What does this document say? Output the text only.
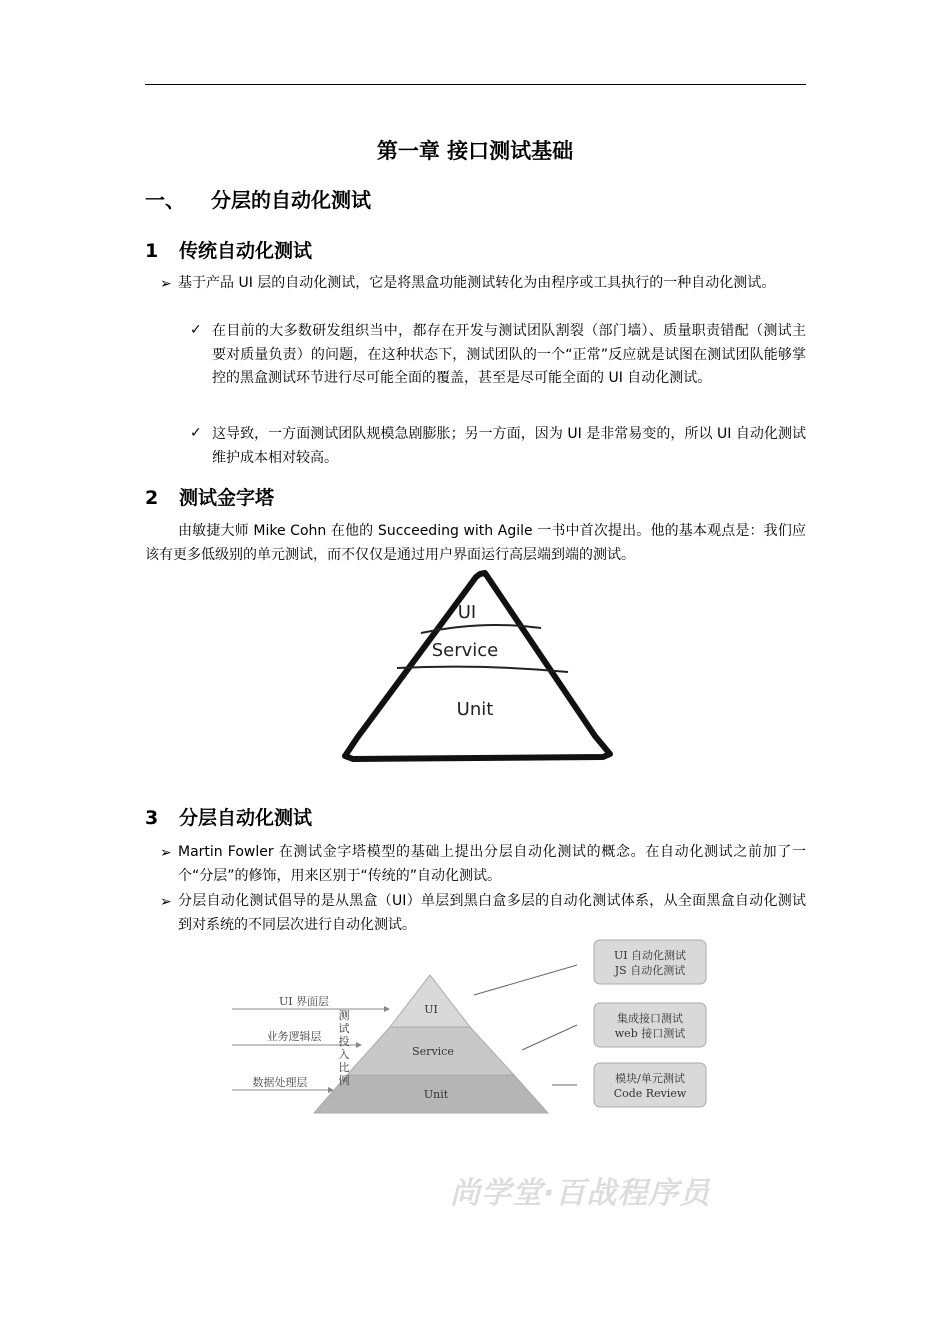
第一章 接口测试基础
一、 分层的自动化测试
1 传统自动化测试
➢ 基于产品 UI 层的自动化测试，它是将黑盒功能测试转化为由程序或工具执行的一种自动化测试。
✓ 在目前的大多数研发组织当中，都存在开发与测试团队割裂（部门墙）、质量职责错配（测试主要对质量负责）的问题，在这种状态下，测试团队的一个“正常”反应就是试图在测试团队能够掌控的黑盒测试环节进行尽可能全面的覆盖，甚至是尽可能全面的 UI 自动化测试。
✓ 这导致，一方面测试团队规模急剧膨胀；另一方面，因为 UI 是非常易变的，所以 UI 自动化测试维护成本相对较高。
2 测试金字塔
由敏捷大师 Mike Cohn 在他的 Succeeding with Agile 一书中首次提出。他的基本观点是：我们应该有更多低级别的单元测试，而不仅仅是通过用户界面运行高层端到端的测试。
UI
Service
Unit
3 分层自动化测试
➢ Martin Fowler 在测试金字塔模型的基础上提出分层自动化测试的概念。在自动化测试之前加了一个“分层”的修饰，用来区别于“传统的”自动化测试。
➢ 分层自动化测试倡导的是从黑盒（UI）单层到黑白盒多层的自动化测试体系，从全面黑盒自动化测试到对系统的不同层次进行自动化测试。
UI 界面层
业务逻辑层
数据处理层
UI
Service
Unit
测
试
投
入
比
例
UI 自动化测试
JS 自动化测试
集成接口测试
web 接口测试
模块/单元测试
Code Review
尚学堂·百战程序员
